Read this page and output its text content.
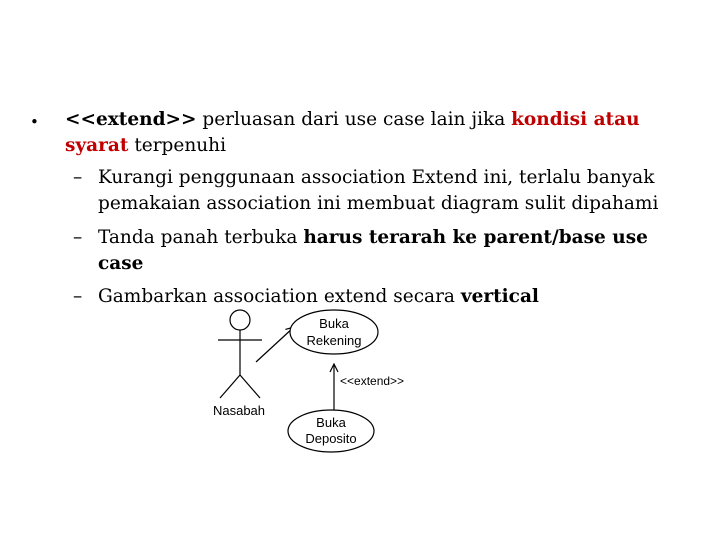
• <<extend>> perluasan dari use case lain jika kondisi atau
syarat terpenuhi
– Kurangi penggunaan association Extend ini, terlalu banyak
pemakaian association ini membuat diagram sulit dipahami
– Tanda panah terbuka harus terarah ke parent/base use
case
– Gambarkan association extend secara vertical
Nasabah
Buka
Rekening
<<extend>>
Buka
Deposito
